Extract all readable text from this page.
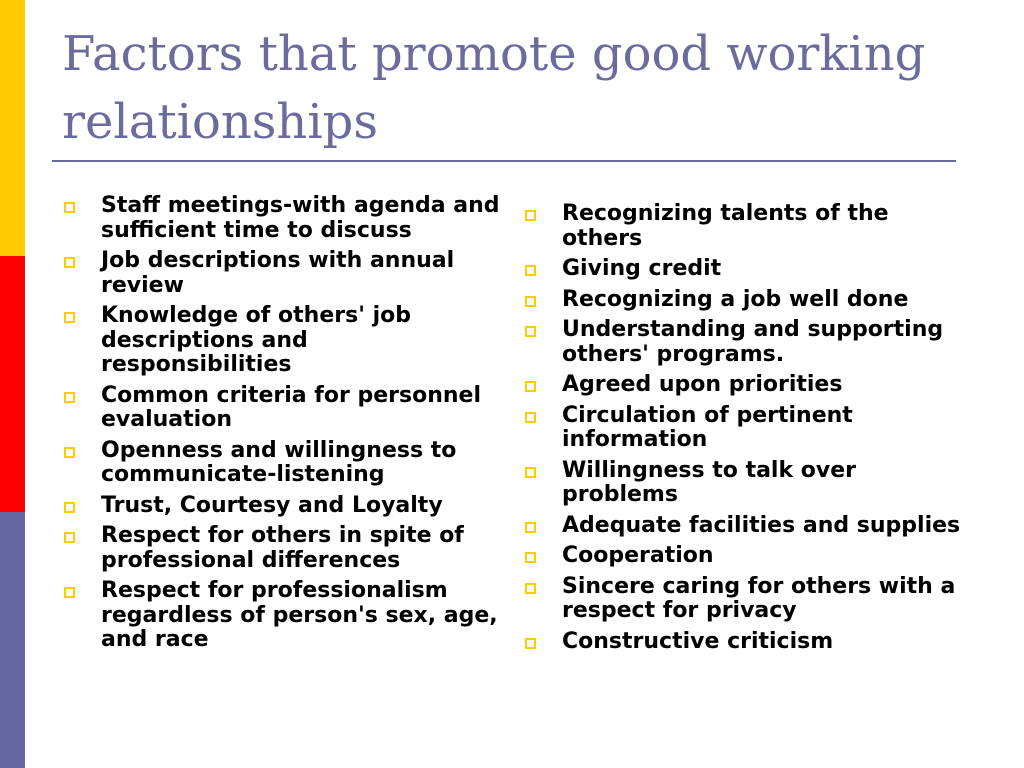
Factors that promote good working relationships
Staff meetings-with agenda and sufficient time to discuss
Job descriptions with annual review
Knowledge of others' job descriptions and responsibilities
Common criteria for personnel evaluation
Openness and willingness to communicate-listening
Trust, Courtesy and Loyalty
Respect for others in spite of professional differences
Respect for professionalism regardless of person's sex, age, and race
Recognizing talents of the others
Giving credit
Recognizing a job well done
Understanding and supporting others' programs.
Agreed upon priorities
Circulation of pertinent information
Willingness to talk over problems
Adequate facilities and supplies
Cooperation
Sincere caring for others with a respect for privacy
Constructive criticism
